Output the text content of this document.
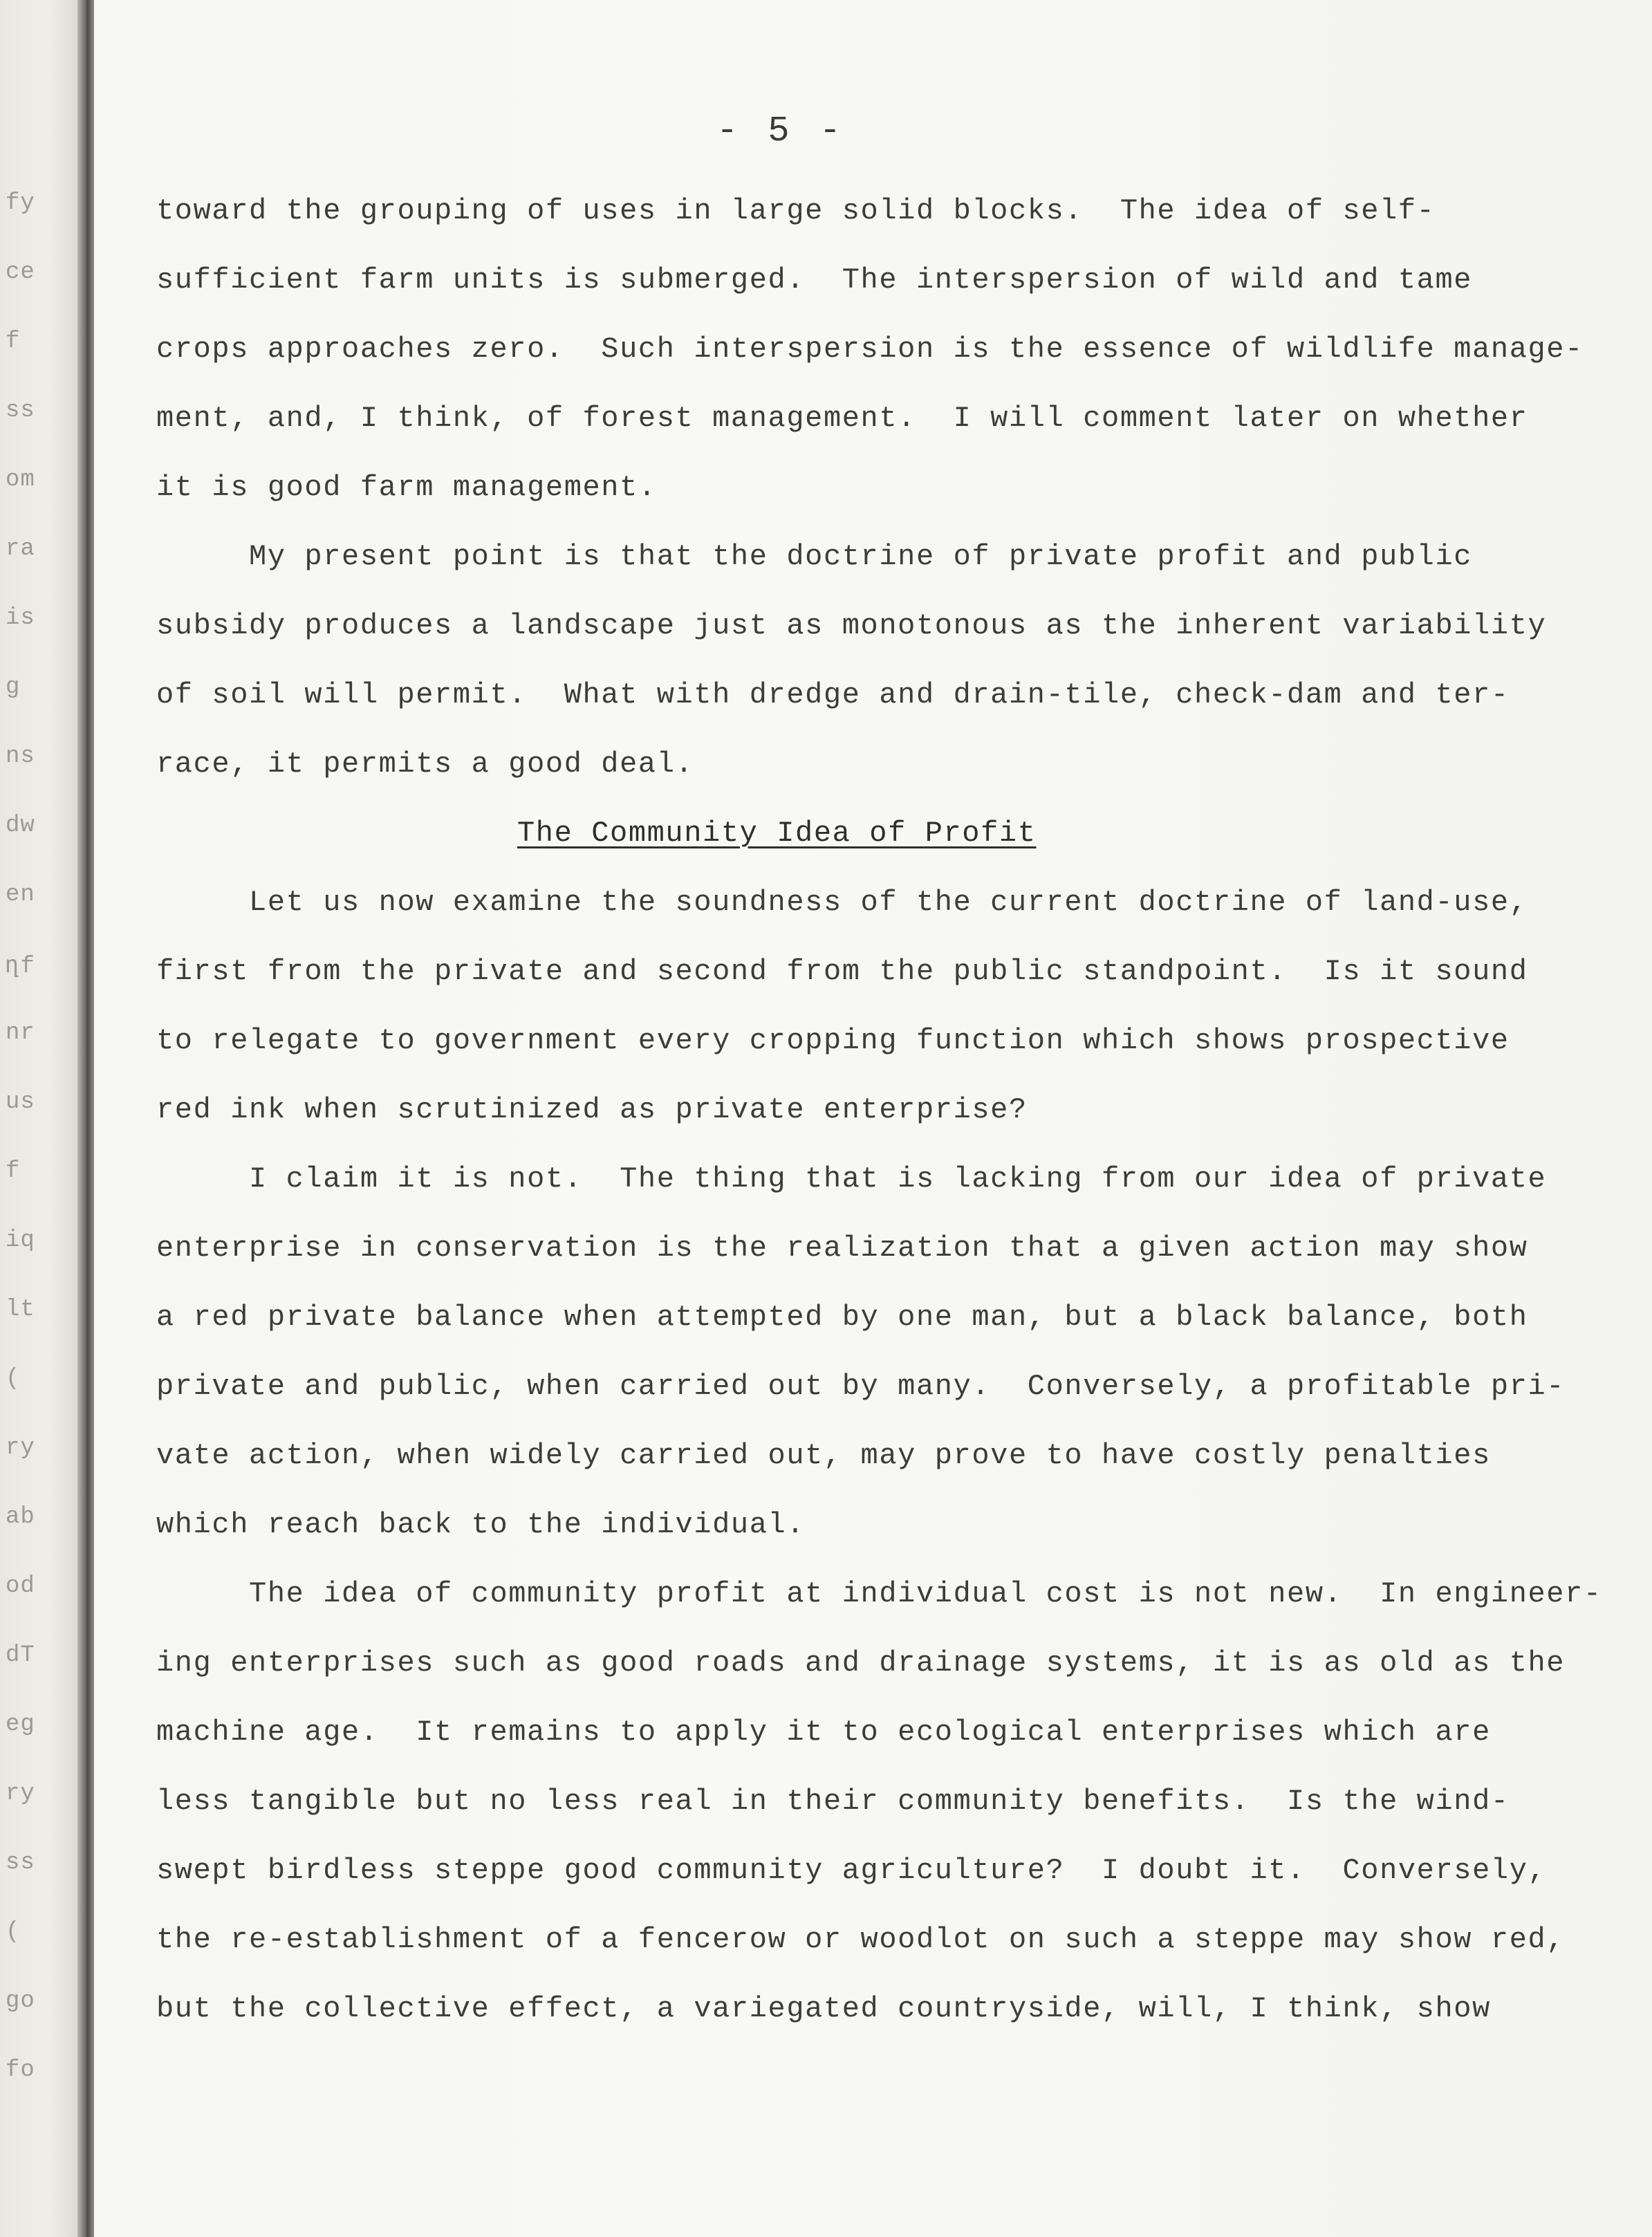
fy
ce
f
ss
om
ra
is
g
ns
dw
en
ղf
nr
us
f
iq
lt
(
ry
ab
od
dT
eg
ry
ss
(
go
fo
- 5 -
toward the grouping of uses in large solid blocks.  The idea of self-
sufficient farm units is submerged.  The interspersion of wild and tame
crops approaches zero.  Such interspersion is the essence of wildlife manage-
ment, and, I think, of forest management.  I will comment later on whether
it is good farm management.
My present point is that the doctrine of private profit and public
subsidy produces a landscape just as monotonous as the inherent variability
of soil will permit.  What with dredge and drain-tile, check-dam and ter-
race, it permits a good deal.
The Community Idea of Profit
Let us now examine the soundness of the current doctrine of land-use,
first from the private and second from the public standpoint.  Is it sound
to relegate to government every cropping function which shows prospective
red ink when scrutinized as private enterprise?
I claim it is not.  The thing that is lacking from our idea of private
enterprise in conservation is the realization that a given action may show
a red private balance when attempted by one man, but a black balance, both
private and public, when carried out by many.  Conversely, a profitable pri-
vate action, when widely carried out, may prove to have costly penalties
which reach back to the individual.
The idea of community profit at individual cost is not new.  In engineer-
ing enterprises such as good roads and drainage systems, it is as old as the
machine age.  It remains to apply it to ecological enterprises which are
less tangible but no less real in their community benefits.  Is the wind-
swept birdless steppe good community agriculture?  I doubt it.  Conversely,
the re-establishment of a fencerow or woodlot on such a steppe may show red,
but the collective effect, a variegated countryside, will, I think, show
